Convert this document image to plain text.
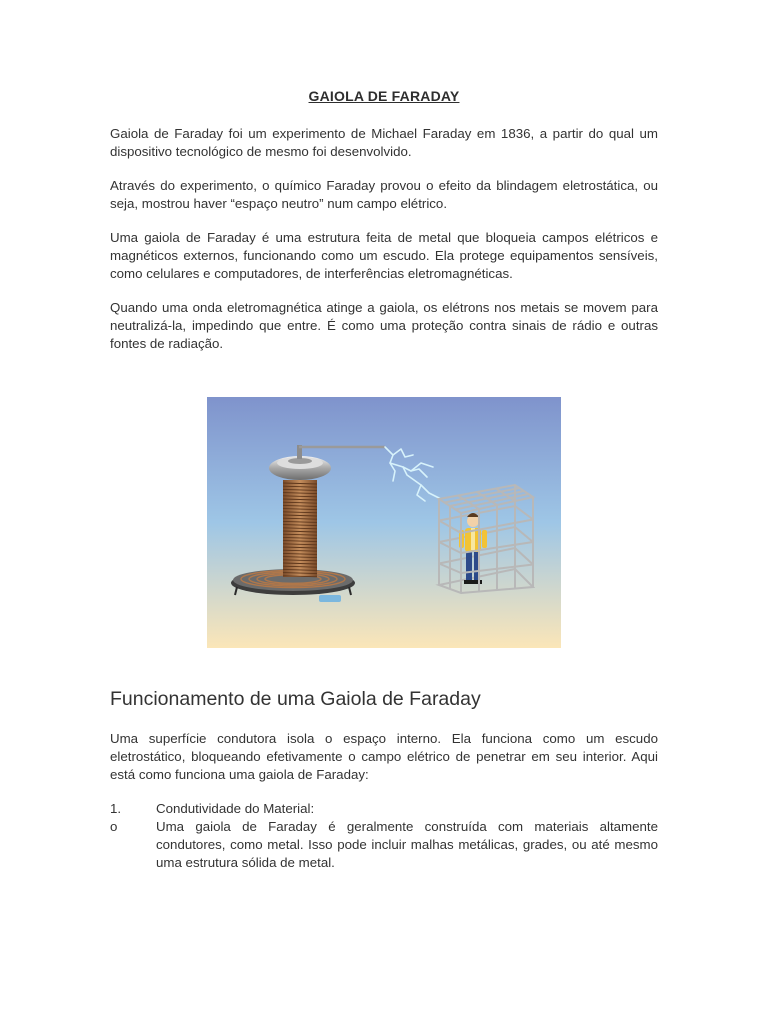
GAIOLA DE FARADAY

Gaiola de Faraday foi um experimento de Michael Faraday em 1836, a partir do qual um dispositivo tecnológico de mesmo foi desenvolvido.

Através do experimento, o químico Faraday provou o efeito da blindagem eletrostática, ou seja, mostrou haver “espaço neutro” num campo elétrico.

Uma gaiola de Faraday é uma estrutura feita de metal que bloqueia campos elétricos e magnéticos externos, funcionando como um escudo. Ela protege equipamentos sensíveis, como celulares e computadores, de interferências eletromagnéticas.

Quando uma onda eletromagnética atinge a gaiola, os elétrons nos metais se movem para neutralizá-la, impedindo que entre. É como uma proteção contra sinais de rádio e outras fontes de radiação.

Funcionamento de uma Gaiola de Faraday

Uma superfície condutora isola o espaço interno. Ela funciona como um escudo eletrostático, bloqueando efetivamente o campo elétrico de penetrar em seu interior. Aqui está como funciona uma gaiola de Faraday:

1.	Condutividade do Material:
o	Uma gaiola de Faraday é geralmente construída com materiais altamente condutores, como metal. Isso pode incluir malhas metálicas, grades, ou até mesmo uma estrutura sólida de metal.
